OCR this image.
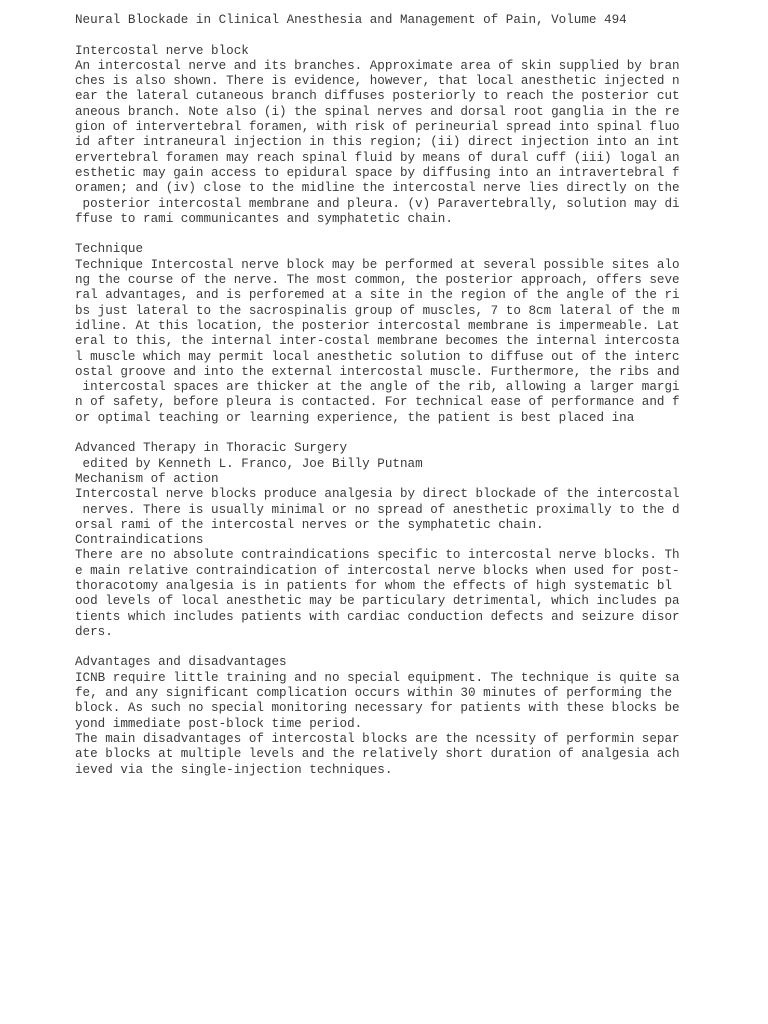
Neural Blockade in Clinical Anesthesia and Management of Pain, Volume 494
Intercostal nerve block
An intercostal nerve and its branches. Approximate area of skin supplied by bran
ches is also shown. There is evidence, however, that local anesthetic injected n
ear the lateral cutaneous branch diffuses posteriorly to reach the posterior cut
aneous branch. Note also (i) the spinal nerves and dorsal root ganglia in the re
gion of intervertebral foramen, with risk of perineurial spread into spinal fluo
id after intraneural injection in this region; (ii) direct injection into an int
ervertebral foramen may reach spinal fluid by means of dural cuff (iii) logal an
esthetic may gain access to epidural space by diffusing into an intravertebral f
oramen; and (iv) close to the midline the intercostal nerve lies directly on the
posterior intercostal membrane and pleura. (v) Paravertebrally, solution may di
ffuse to rami communicantes and symphatetic chain.
Technique
Technique Intercostal nerve block may be performed at several possible sites alo
ng the course of the nerve. The most common, the posterior approach, offers seve
ral advantages, and is perforemed at a site in the region of the angle of the ri
bs just lateral to the sacrospinalis group of muscles, 7 to 8cm lateral of the m
idline. At this location, the posterior intercostal membrane is impermeable. Lat
eral to this, the internal inter-costal membrane becomes the internal intercosta
l muscle which may permit local anesthetic solution to diffuse out of the interc
ostal groove and into the external intercostal muscle. Furthermore, the ribs and
intercostal spaces are thicker at the angle of the rib, allowing a larger margi
n of safety, before pleura is contacted. For technical ease of performance and f
or optimal teaching or learning experience, the patient is best placed ina
Advanced Therapy in Thoracic Surgery
edited by Kenneth L. Franco, Joe Billy Putnam
Mechanism of action
Intercostal nerve blocks produce analgesia by direct blockade of the intercostal
nerves. There is usually minimal or no spread of anesthetic proximally to the d
orsal rami of the intercostal nerves or the symphatetic chain.
Contraindications
There are no absolute contraindications specific to intercostal nerve blocks. Th
e main relative contraindication of intercostal nerve blocks when used for post-
thoracotomy analgesia is in patients for whom the effects of high systematic bl
ood levels of local anesthetic may be particulary detrimental, which includes pa
tients which includes patients with cardiac conduction defects and seizure disor
ders.
Advantages and disadvantages
ICNB require little training and no special equipment. The technique is quite sa
fe, and any significant complication occurs within 30 minutes of performing the
block. As such no special monitoring necessary for patients with these blocks be
yond immediate post-block time period.
The main disadvantages of intercostal blocks are the ncessity of performin separ
ate blocks at multiple levels and the relatively short duration of analgesia ach
ieved via the single-injection techniques.
